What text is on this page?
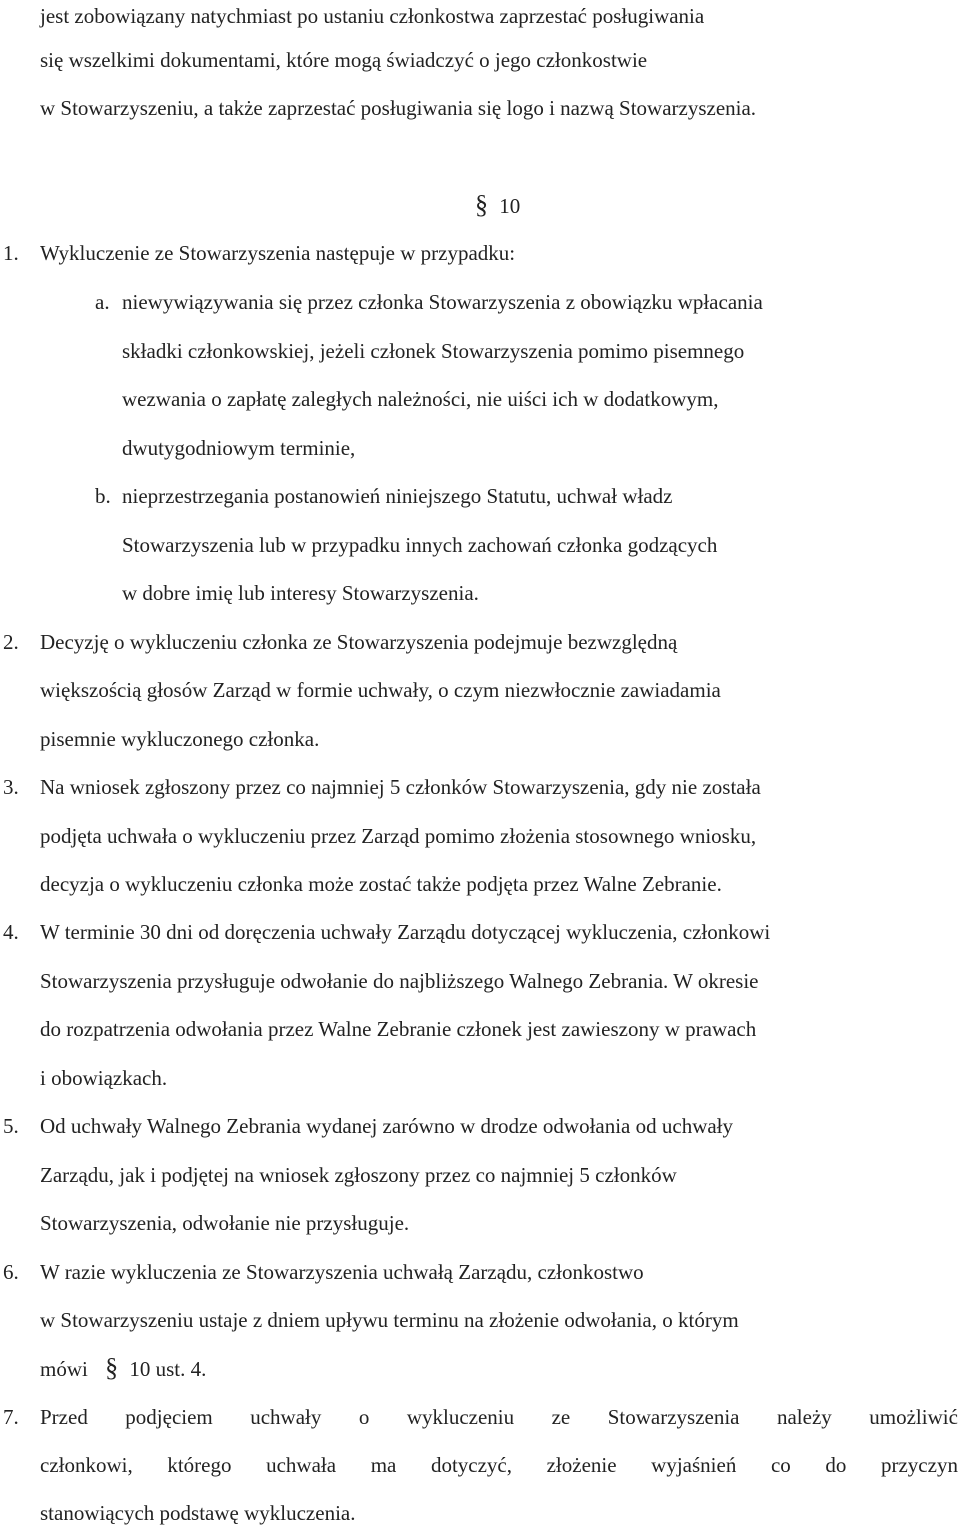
jest zobowiązany natychmiast po ustaniu członkostwa zaprzestać posługiwania
się wszelkimi dokumentami, które mogą świadczyć o jego członkostwie
w Stowarzyszeniu, a także zaprzestać posługiwania się logo i nazwą Stowarzyszenia.
§ 10
1. Wykluczenie ze Stowarzyszenia następuje w przypadku:
a. niewywiązywania się przez członka Stowarzyszenia z obowiązku wpłacania
składki członkowskiej, jeżeli członek Stowarzyszenia pomimo pisemnego
wezwania o zapłatę zaległych należności, nie uiści ich w dodatkowym,
dwutygodniowym terminie,
b. nieprzestrzegania postanowień niniejszego Statutu, uchwał władz
Stowarzyszenia lub w przypadku innych zachowań członka godzących
w dobre imię lub interesy Stowarzyszenia.
2. Decyzję o wykluczeniu członka ze Stowarzyszenia podejmuje bezwzględną
większością głosów Zarząd w formie uchwały, o czym niezwłocznie zawiadamia
pisemnie wykluczonego członka.
3. Na wniosek zgłoszony przez co najmniej 5 członków Stowarzyszenia, gdy nie została
podjęta uchwała o wykluczeniu przez Zarząd pomimo złożenia stosownego wniosku,
decyzja o wykluczeniu członka może zostać także podjęta przez Walne Zebranie.
4. W terminie 30 dni od doręczenia uchwały Zarządu dotyczącej wykluczenia, członkowi
Stowarzyszenia przysługuje odwołanie do najbliższego Walnego Zebrania. W okresie
do rozpatrzenia odwołania przez Walne Zebranie członek jest zawieszony w prawach
i obowiązkach.
5. Od uchwały Walnego Zebrania wydanej zarówno w drodze odwołania od uchwały
Zarządu, jak i podjętej na wniosek zgłoszony przez co najmniej 5 członków
Stowarzyszenia, odwołanie nie przysługuje.
6. W razie wykluczenia ze Stowarzyszenia uchwałą Zarządu, członkostwo
w Stowarzyszeniu ustaje z dniem upływu terminu na złożenie odwołania, o którym
mówi § 10 ust. 4.
7. Przed podjęciem uchwały o wykluczeniu ze Stowarzyszenia należy umożliwić
członkowi, którego uchwała ma dotyczyć, złożenie wyjaśnień co do przyczyn
stanowiących podstawę wykluczenia.
